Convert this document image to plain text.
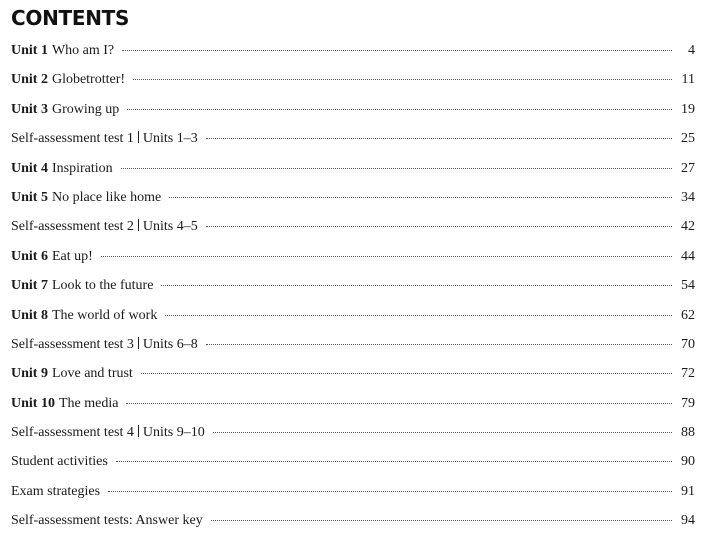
CONTENTS
Unit 1 Who am I?	4
Unit 2 Globetrotter!	11
Unit 3 Growing up	19
Self-assessment test 1 Units 1–3	25
Unit 4 Inspiration	27
Unit 5 No place like home	34
Self-assessment test 2 Units 4–5	42
Unit 6 Eat up!	44
Unit 7 Look to the future	54
Unit 8 The world of work	62
Self-assessment test 3 Units 6–8	70
Unit 9 Love and trust	72
Unit 10 The media	79
Self-assessment test 4 Units 9–10	88
Student activities	90
Exam strategies	91
Self-assessment tests: Answer key	94
